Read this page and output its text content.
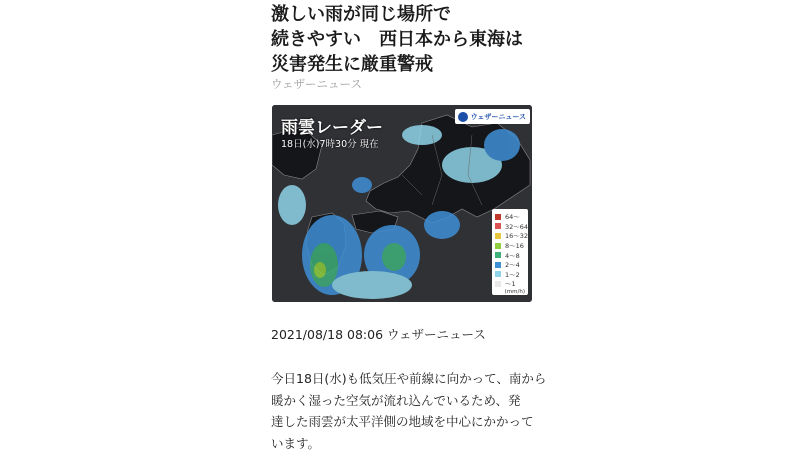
激しい雨が同じ場所で
続きやすい　西日本から東海は
災害発生に厳重警戒
ウェザーニュース
雨雲レーダー
18日(水)7時30分 現在
ウェザーニュース
64～
32～64
16～32
8～16
4～8
2～4
1～2
～1
(mm/h)
2021/08/18 08:06 ウェザーニュース
今日18日(水)も低気圧や前線に向かって、南から
暖かく湿った空気が流れ込んでいるため、発
達した雨雲が太平洋側の地域を中心にかかって
います。
